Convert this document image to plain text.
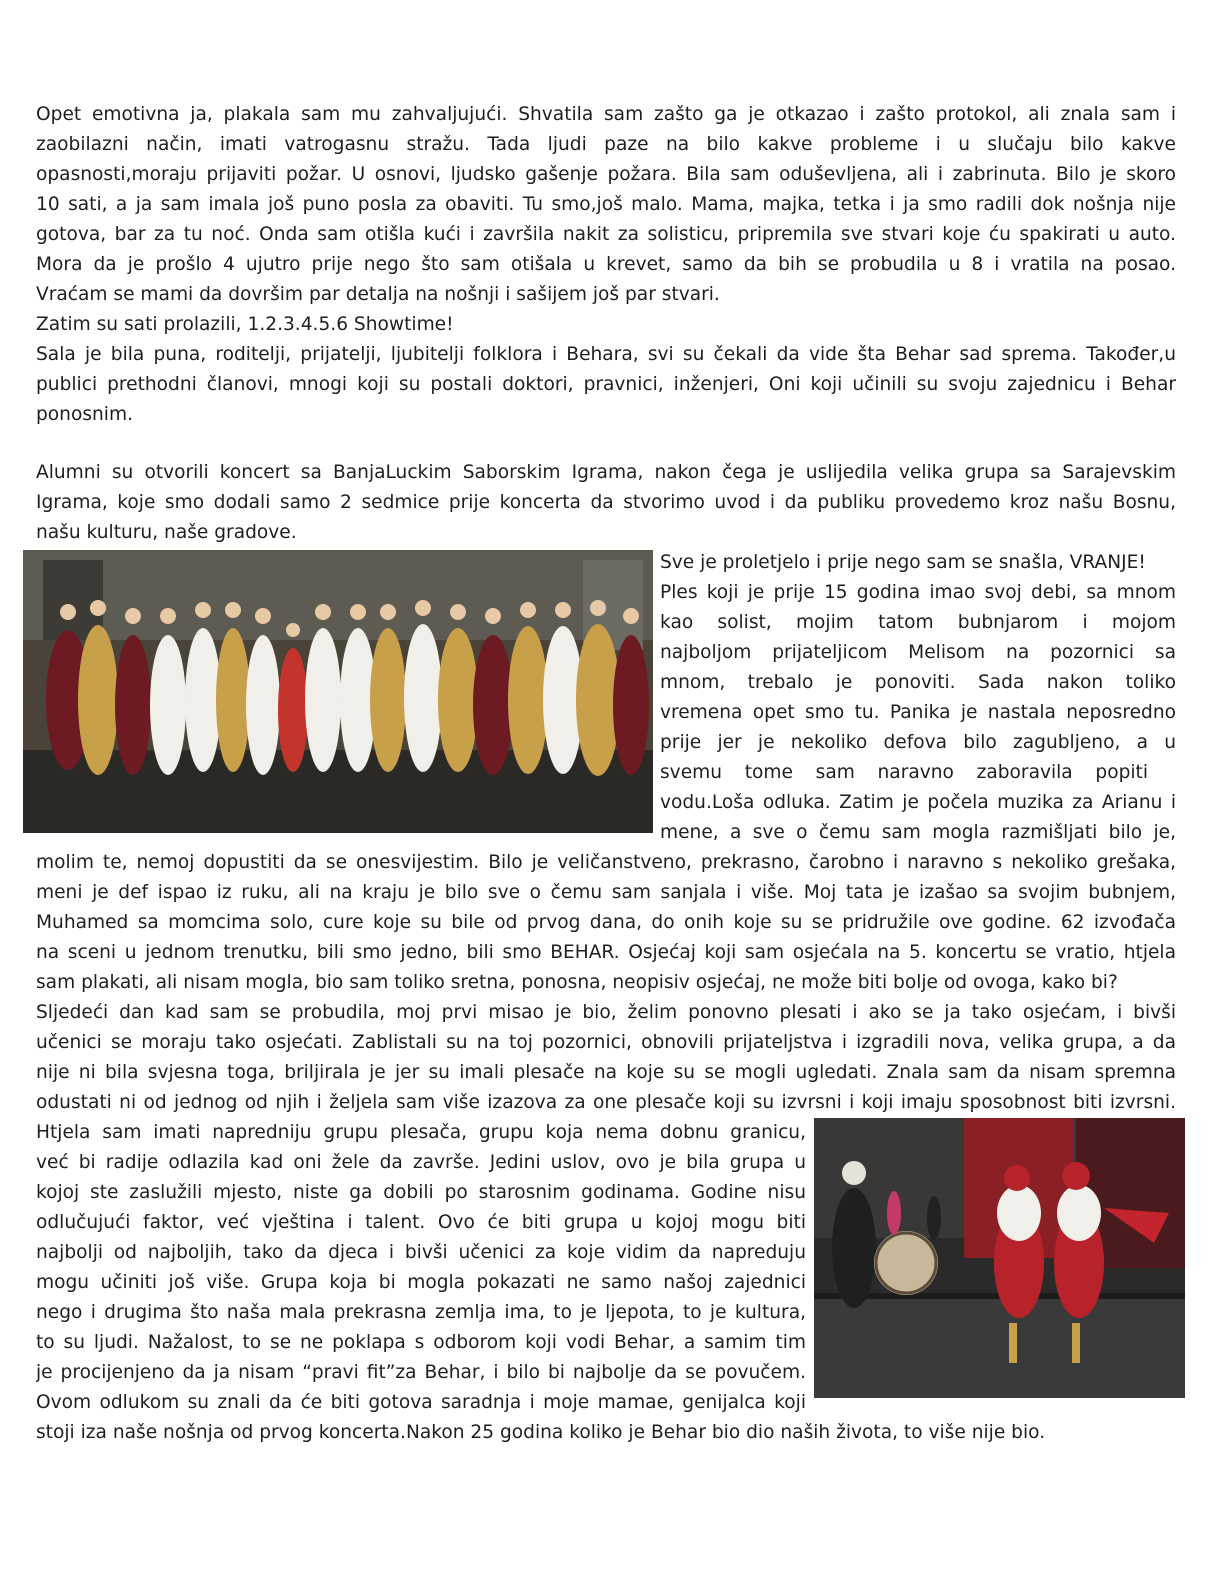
Opet emotivna ja, plakala sam mu zahvaljujući. Shvatila sam zašto ga je otkazao i zašto protokol, ali znala sam i

zaobilazni način, imati vatrogasnu stražu. Tada ljudi paze na bilo kakve probleme i u slučaju bilo kakve

opasnosti,moraju prijaviti požar. U osnovi, ljudsko gašenje požara. Bila sam oduševljena, ali i zabrinuta. Bilo je skoro

10 sati, a ja sam imala još puno posla za obaviti. Tu smo,još malo. Mama, majka, tetka i ja smo radili dok nošnja nije

gotova, bar za tu noć. Onda sam otišla kući i završila nakit za solisticu, pripremila sve stvari koje ću spakirati u auto.

Mora da je prošlo 4 ujutro prije nego što sam otišala u krevet, samo da bih se probudila u 8 i vratila na posao.

Vraćam se mami da dovršim par detalja na nošnji i sašijem još par stvari.

Zatim su sati prolazili, 1.2.3.4.5.6 Showtime!

Sala je bila puna, roditelji, prijatelji, ljubitelji folklora i Behara, svi su čekali da vide šta Behar sad sprema. Također,u

publici prethodni članovi, mnogi koji su postali doktori, pravnici, inženjeri, Oni koji učinili su svoju zajednicu i Behar

ponosnim.

Alumni su otvorili koncert sa BanjaLuckim Saborskim Igrama, nakon čega je uslijedila velika grupa sa Sarajevskim

Igrama, koje smo dodali samo 2 sedmice prije koncerta da stvorimo uvod i da publiku provedemo kroz našu Bosnu,

našu kulturu, naše gradove.

Sve je proletjelo i prije nego sam se snašla, VRANJE!

Ples koji je prije 15 godina imao svoj debi, sa mnom

kao solist, mojim tatom bubnjarom i mojom

najboljom prijateljicom Melisom na pozornici sa

mnom, trebalo je ponoviti. Sada nakon toliko

vremena opet smo tu. Panika je nastala neposredno

prije jer je nekoliko defova bilo zagubljeno, a u

svemu tome sam naravno zaboravila popiti

vodu.Loša odluka. Zatim je počela muzika za Arianu i

mene, a sve o čemu sam mogla razmišljati bilo je,

molim te, nemoj dopustiti da se onesvijestim. Bilo je veličanstveno, prekrasno, čarobno i naravno s nekoliko grešaka,

meni je def ispao iz ruku, ali na kraju je bilo sve o čemu sam sanjala i više. Moj tata je izašao sa svojim bubnjem,

Muhamed sa momcima solo, cure koje su bile od prvog dana, do onih koje su se pridružile ove godine. 62 izvođača

na sceni u jednom trenutku, bili smo jedno, bili smo BEHAR. Osjećaj koji sam osjećala na 5. koncertu se vratio, htjela

sam plakati, ali nisam mogla, bio sam toliko sretna, ponosna, neopisiv osjećaj, ne može biti bolje od ovoga, kako bi?

Sljedeći dan kad sam se probudila, moj prvi misao je bio, želim ponovno plesati i ako se ja tako osjećam, i bivši

učenici se moraju tako osjećati. Zablistali su na toj pozornici, obnovili prijateljstva i izgradili nova, velika grupa, a da

nije ni bila svjesna toga, briljirala je jer su imali plesače na koje su se mogli ugledati. Znala sam da nisam spremna

odustati ni od jednog od njih i željela sam više izazova za one plesače koji su izvrsni i koji imaju sposobnost biti izvrsni.

Htjela sam imati napredniju grupu plesača, grupu koja nema dobnu granicu,

već bi radije odlazila kad oni žele da završe. Jedini uslov, ovo je bila grupa u

kojoj ste zaslužili mjesto, niste ga dobili po starosnim godinama. Godine nisu

odlučujući faktor, već vještina i talent. Ovo će biti grupa u kojoj mogu biti

najbolji od najboljih, tako da djeca i bivši učenici za koje vidim da napreduju

mogu učiniti još više. Grupa koja bi mogla pokazati ne samo našoj zajednici

nego i drugima što naša mala prekrasna zemlja ima, to je ljepota, to je kultura,

to su ljudi. Nažalost, to se ne poklapa s odborom koji vodi Behar, a samim tim

je procijenjeno da ja nisam “pravi fit”za Behar, i bilo bi najbolje da se povučem.

Ovom odlukom su znali da će biti gotova saradnja i moje mamae, genijalca koji

stoji iza naše nošnja od prvog koncerta.Nakon 25 godina koliko je Behar bio dio naših života, to više nije bio.
